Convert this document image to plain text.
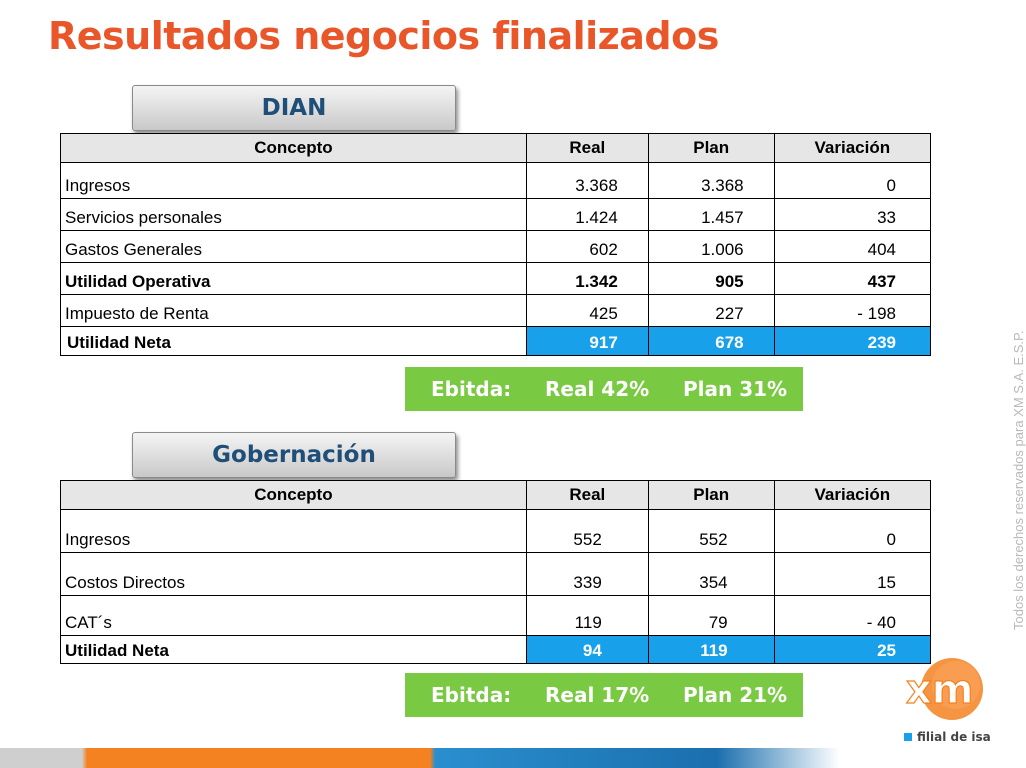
Resultados negocios finalizados
DIAN
Concepto	Real	Plan	Variación
Ingresos	3.368	3.368	0
Servicios personales	1.424	1.457	33
Gastos Generales	602	1.006	404
Utilidad Operativa	1.342	905	437
Impuesto de Renta	425	227	- 198
Utilidad Neta	917	678	239
Ebitda: Real 42% Plan 31%
Gobernación
Concepto	Real	Plan	Variación
Ingresos	552	552	0
Costos Directos	339	354	15
CAT´s	119	79	- 40
Utilidad Neta	94	119	25
Ebitda: Real 17% Plan 21%
Todos los derechos reservados para XM S.A. E.S.P.
xm
filial de isa
